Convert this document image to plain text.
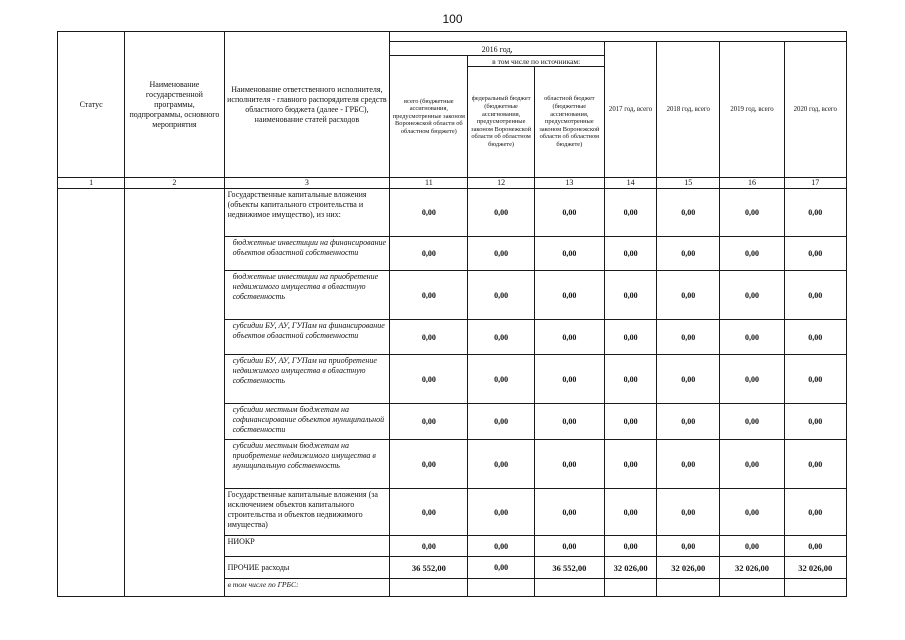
100
Статус	Наименование государственной программы, подпрограммы, основного мероприятия	Наименование ответственного исполнителя, исполнителя - главного распорядителя средств областного бюджета (далее - ГРБС), наименование статей расходов							
			2016 год,			2017 год, всего	2018 год, всего	2019 год, всего	2020 год, всего
			всего (бюджетные ассигнования, предусмотренные законом Воронежской области об областном бюджете)	в том числе по источникам:					
				федеральный бюджет (бюджетные ассигнования, предусмотренные законом Воронежской области об областном бюджете)	областной бюджет (бюджетные ассигнования, предусмотренные законом Воронежской области об областном бюджете)				
1	2	3	11	12	13	14	15	16	17
		Государственные капитальные вложения (объекты капитального строительства и недвижимое имущество), из них:	0,00	0,00	0,00	0,00	0,00	0,00	0,00
		бюджетные инвестиции на финансирование объектов областной собственности	0,00	0,00	0,00	0,00	0,00	0,00	0,00
		бюджетные инвестиции на приобретение недвижимого имущества в областную собственность	0,00	0,00	0,00	0,00	0,00	0,00	0,00
		субсидии БУ, АУ, ГУПам на финансирование объектов областной собственности	0,00	0,00	0,00	0,00	0,00	0,00	0,00
		субсидии БУ, АУ, ГУПам на приобретение недвижимого имущества в областную собственность	0,00	0,00	0,00	0,00	0,00	0,00	0,00
		субсидии местным бюджетам на софинансирование объектов муниципальной собственности	0,00	0,00	0,00	0,00	0,00	0,00	0,00
		субсидии местным бюджетам на приобретение недвижимого имущества в муниципальную собственность	0,00	0,00	0,00	0,00	0,00	0,00	0,00
		Государственные капитальные вложения (за исключением объектов капитального строительства и объектов недвижимого имущества)	0,00	0,00	0,00	0,00	0,00	0,00	0,00
		НИОКР	0,00	0,00	0,00	0,00	0,00	0,00	0,00
		ПРОЧИЕ расходы	36 552,00	0,00	36 552,00	32 026,00	32 026,00	32 026,00	32 026,00
		в том числе по ГРБС:							
